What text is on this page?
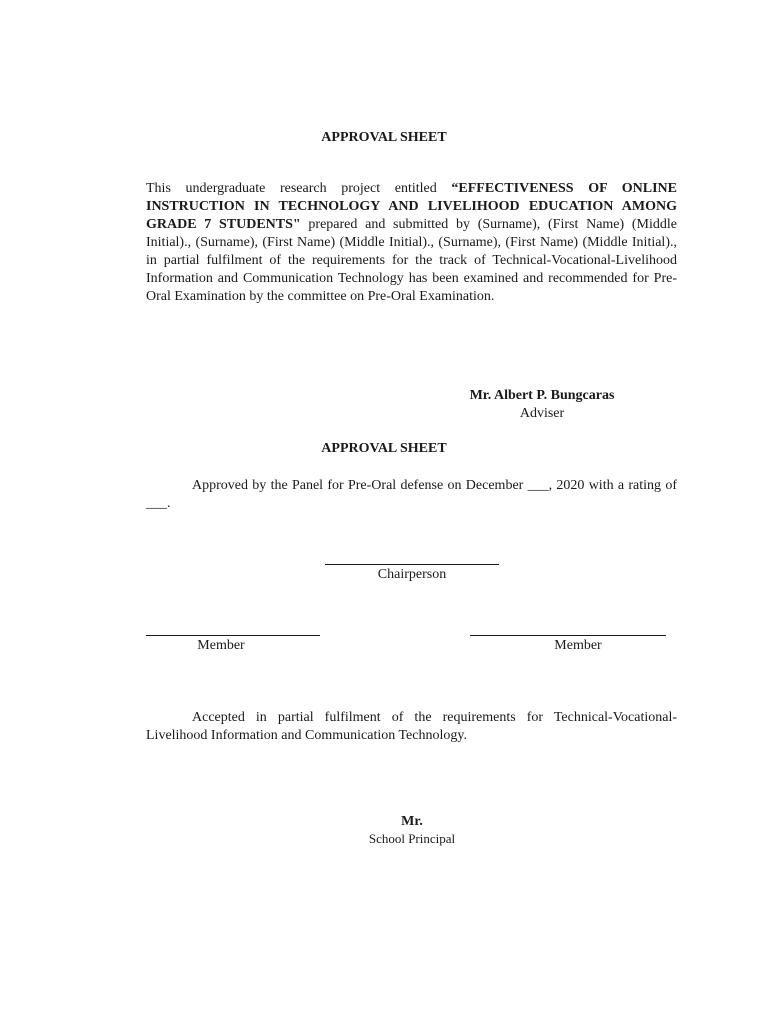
APPROVAL SHEET
This undergraduate research project entitled “EFFECTIVENESS OF ONLINE INSTRUCTION IN TECHNOLOGY AND LIVELIHOOD EDUCATION AMONG GRADE 7 STUDENTS" prepared and submitted by (Surname), (First Name) (Middle Initial)., (Surname), (First Name) (Middle Initial)., (Surname), (First Name) (Middle Initial)., in partial fulfilment of the requirements for the track of Technical-Vocational-Livelihood Information and Communication Technology has been examined and recommended for Pre-Oral Examination by the committee on Pre-Oral Examination.
Mr. Albert P. Bungcaras
Adviser
APPROVAL SHEET
Approved by the Panel for Pre-Oral defense on December ___, 2020 with a rating of ___.
Chairperson
Member	Member
Accepted in partial fulfilment of the requirements for Technical-Vocational-Livelihood Information and Communication Technology.
Mr.
School Principal
